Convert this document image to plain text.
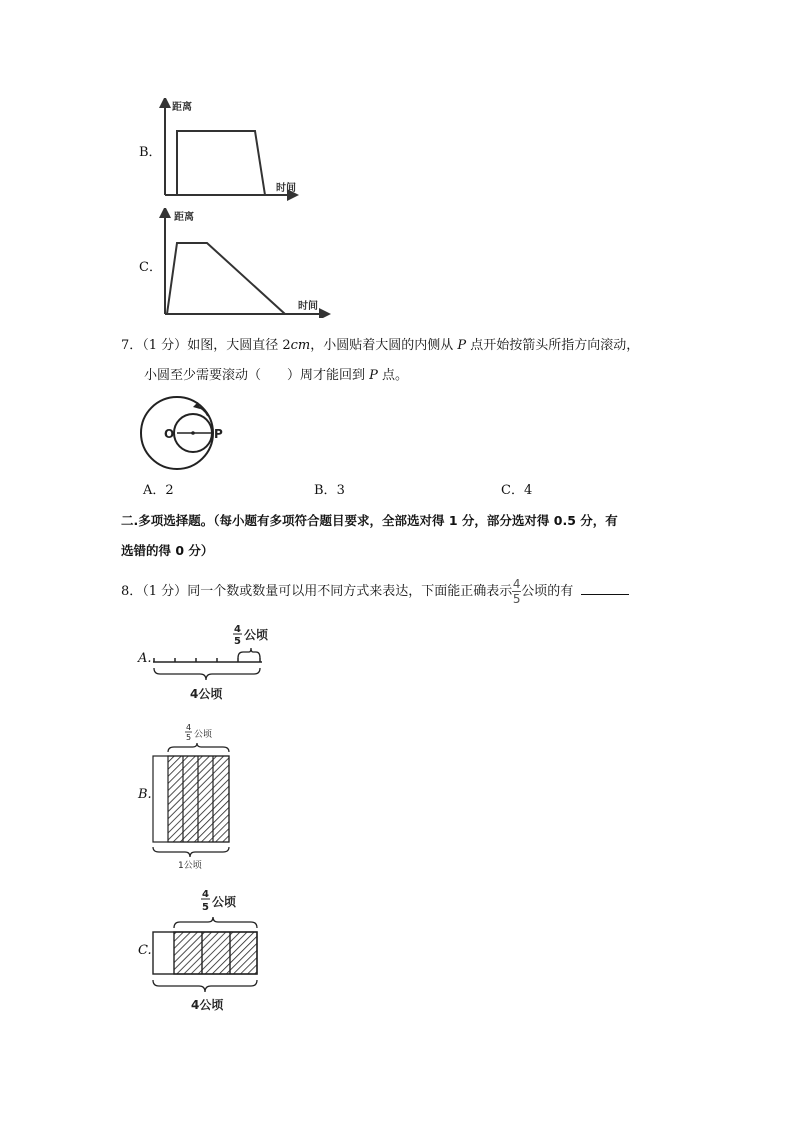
B．
距离
时间
C．
距离
时间
7．（1 分）如图，大圆直径 2cm，小圆贴着大圆的内侧从 P 点开始按箭头所指方向滚动，
小圆至少需要滚动（　　）周才能回到 P 点。
O	P
A．2	B．3	C．4
二.多项选择题。（每小题有多项符合题目要求，全部选对得 1 分，部分选对得 0.5 分，有
选错的得 0 分）
8．（1 分）同一个数或数量可以用不同方式来表达，下面能正确表示 $\frac{4}{5}$ 公顷的有
A.
4
5 公顷
4公顷
B.
4
5 公顷
1公顷
C.
4
5 公顷
4公顷
